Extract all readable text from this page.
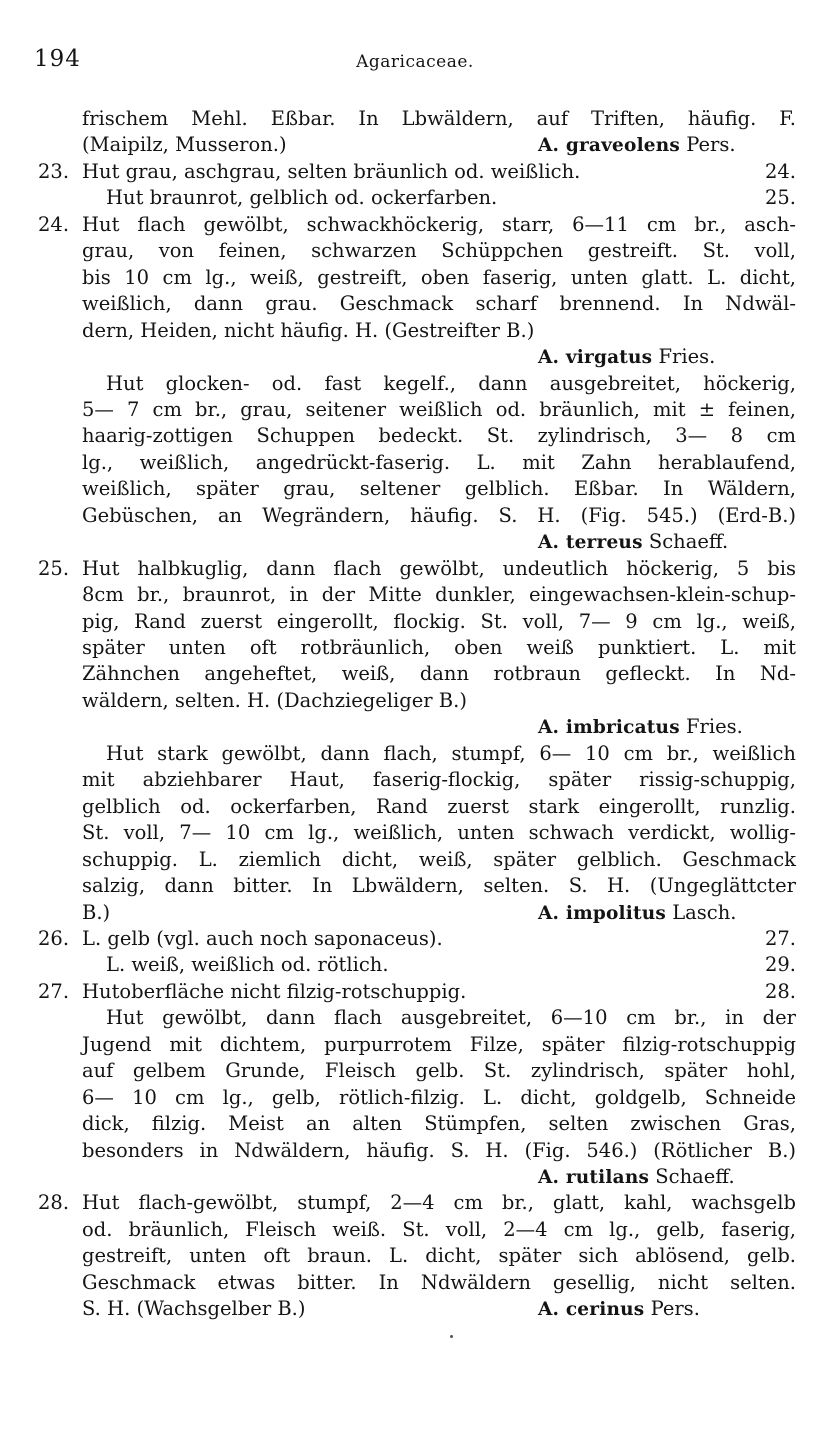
194	Agaricaceae.
frischem Mehl. Eßbar. In Lbwäldern, auf Triften, häufig. F.
(Maipilz, Musseron.)	A. graveolens Pers.
23. Hut grau, aschgrau, selten bräunlich od. weißlich.	24.
Hut braunrot, gelblich od. ockerfarben.	25.
24. Hut flach gewölbt, schwackhöckerig, starr, 6—11 cm br., asch-
grau, von feinen, schwarzen Schüppchen gestreift. St. voll,
bis 10 cm lg., weiß, gestreift, oben faserig, unten glatt. L. dicht,
weißlich, dann grau. Geschmack scharf brennend. In Ndwäl-
dern, Heiden, nicht häufig. H. (Gestreifter B.)
A. virgatus Fries.
Hut glocken- od. fast kegelf., dann ausgebreitet, höckerig,
5— 7 cm br., grau, seitener weißlich od. bräunlich, mit ± feinen,
haarig-zottigen Schuppen bedeckt. St. zylindrisch, 3— 8 cm
lg., weißlich, angedrückt-faserig. L. mit Zahn herablaufend,
weißlich, später grau, seltener gelblich. Eßbar. In Wäldern,
Gebüschen, an Wegrändern, häufig. S. H. (Fig. 545.) (Erd-B.)
A. terreus Schaeff.
25. Hut halbkuglig, dann flach gewölbt, undeutlich höckerig, 5 bis
8cm br., braunrot, in der Mitte dunkler, eingewachsen-klein-schup-
pig, Rand zuerst eingerollt, flockig. St. voll, 7— 9 cm lg., weiß,
später unten oft rotbräunlich, oben weiß punktiert. L. mit
Zähnchen angeheftet, weiß, dann rotbraun gefleckt. In Nd-
wäldern, selten. H. (Dachziegeliger B.)
A. imbricatus Fries.
Hut stark gewölbt, dann flach, stumpf, 6— 10 cm br., weißlich
mit abziehbarer Haut, faserig-flockig, später rissig-schuppig,
gelblich od. ockerfarben, Rand zuerst stark eingerollt, runzlig.
St. voll, 7— 10 cm lg., weißlich, unten schwach verdickt, wollig-
schuppig. L. ziemlich dicht, weiß, später gelblich. Geschmack
salzig, dann bitter. In Lbwäldern, selten. S. H. (Ungeglättcter
B.)	A. impolitus Lasch.
26. L. gelb (vgl. auch noch saponaceus).	27.
L. weiß, weißlich od. rötlich.	29.
27. Hutoberfläche nicht filzig-rotschuppig.	28.
Hut gewölbt, dann flach ausgebreitet, 6—10 cm br., in der
Jugend mit dichtem, purpurrotem Filze, später filzig-rotschuppig
auf gelbem Grunde, Fleisch gelb. St. zylindrisch, später hohl,
6— 10 cm lg., gelb, rötlich-filzig. L. dicht, goldgelb, Schneide
dick, filzig. Meist an alten Stümpfen, selten zwischen Gras,
besonders in Ndwäldern, häufig. S. H. (Fig. 546.) (Rötlicher B.)
A. rutilans Schaeff.
28. Hut flach-gewölbt, stumpf, 2—4 cm br., glatt, kahl, wachsgelb
od. bräunlich, Fleisch weiß. St. voll, 2—4 cm lg., gelb, faserig,
gestreift, unten oft braun. L. dicht, später sich ablösend, gelb.
Geschmack etwas bitter. In Ndwäldern gesellig, nicht selten.
S. H. (Wachsgelber B.)	A. cerinus Pers.
